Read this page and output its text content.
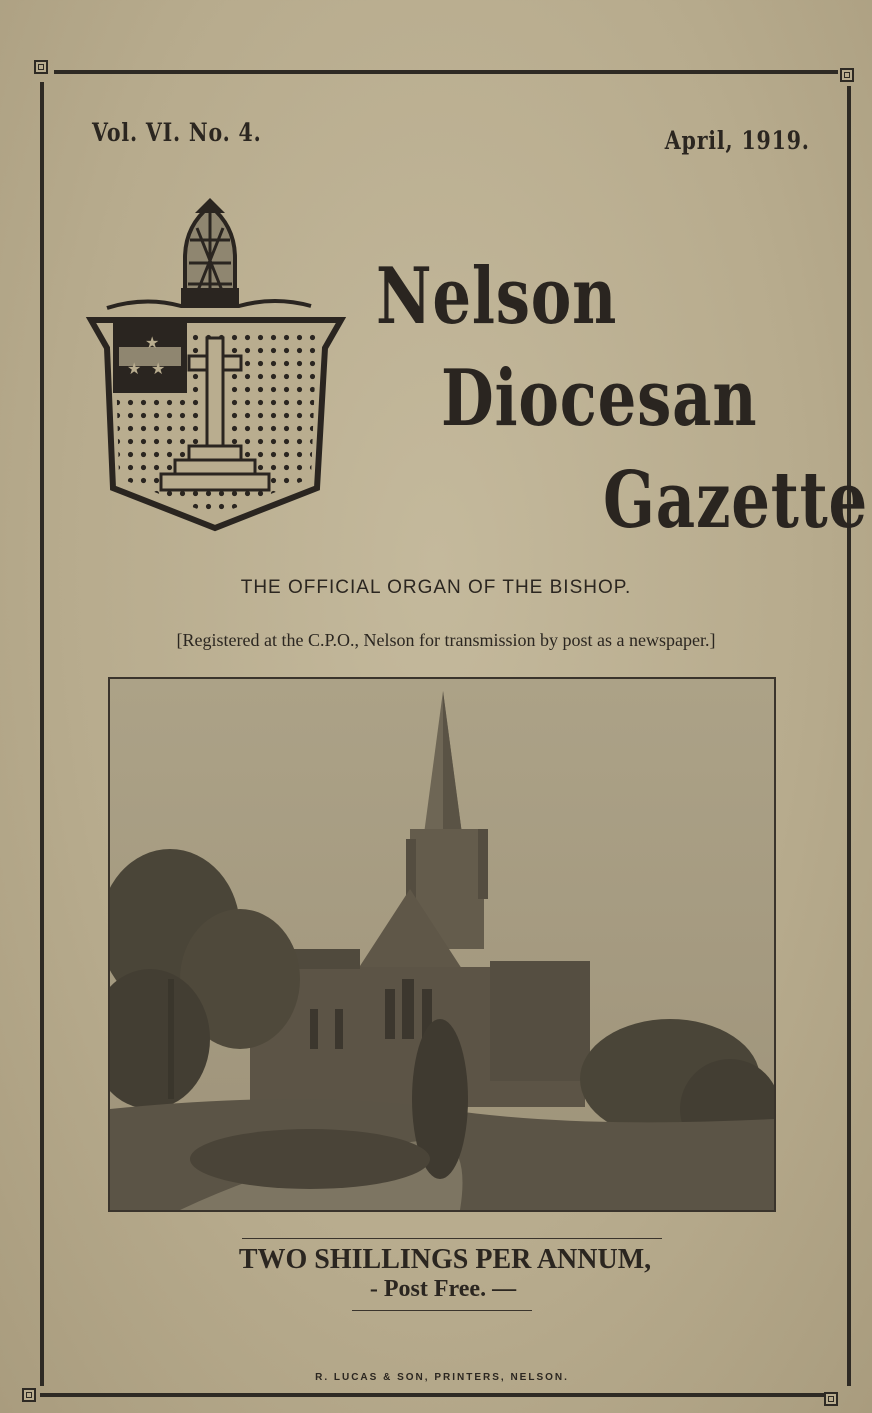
Vol. VI. No. 4.	April, 1919.
★
★ ★
Nelson
Diocesan
Gazette
THE OFFICIAL ORGAN OF THE BISHOP.
[Registered at the C.P.O., Nelson for transmission by post as a newspaper.]
TWO SHILLINGS PER ANNUM,
- Post Free. —
R. LUCAS & SON, PRINTERS, NELSON.
